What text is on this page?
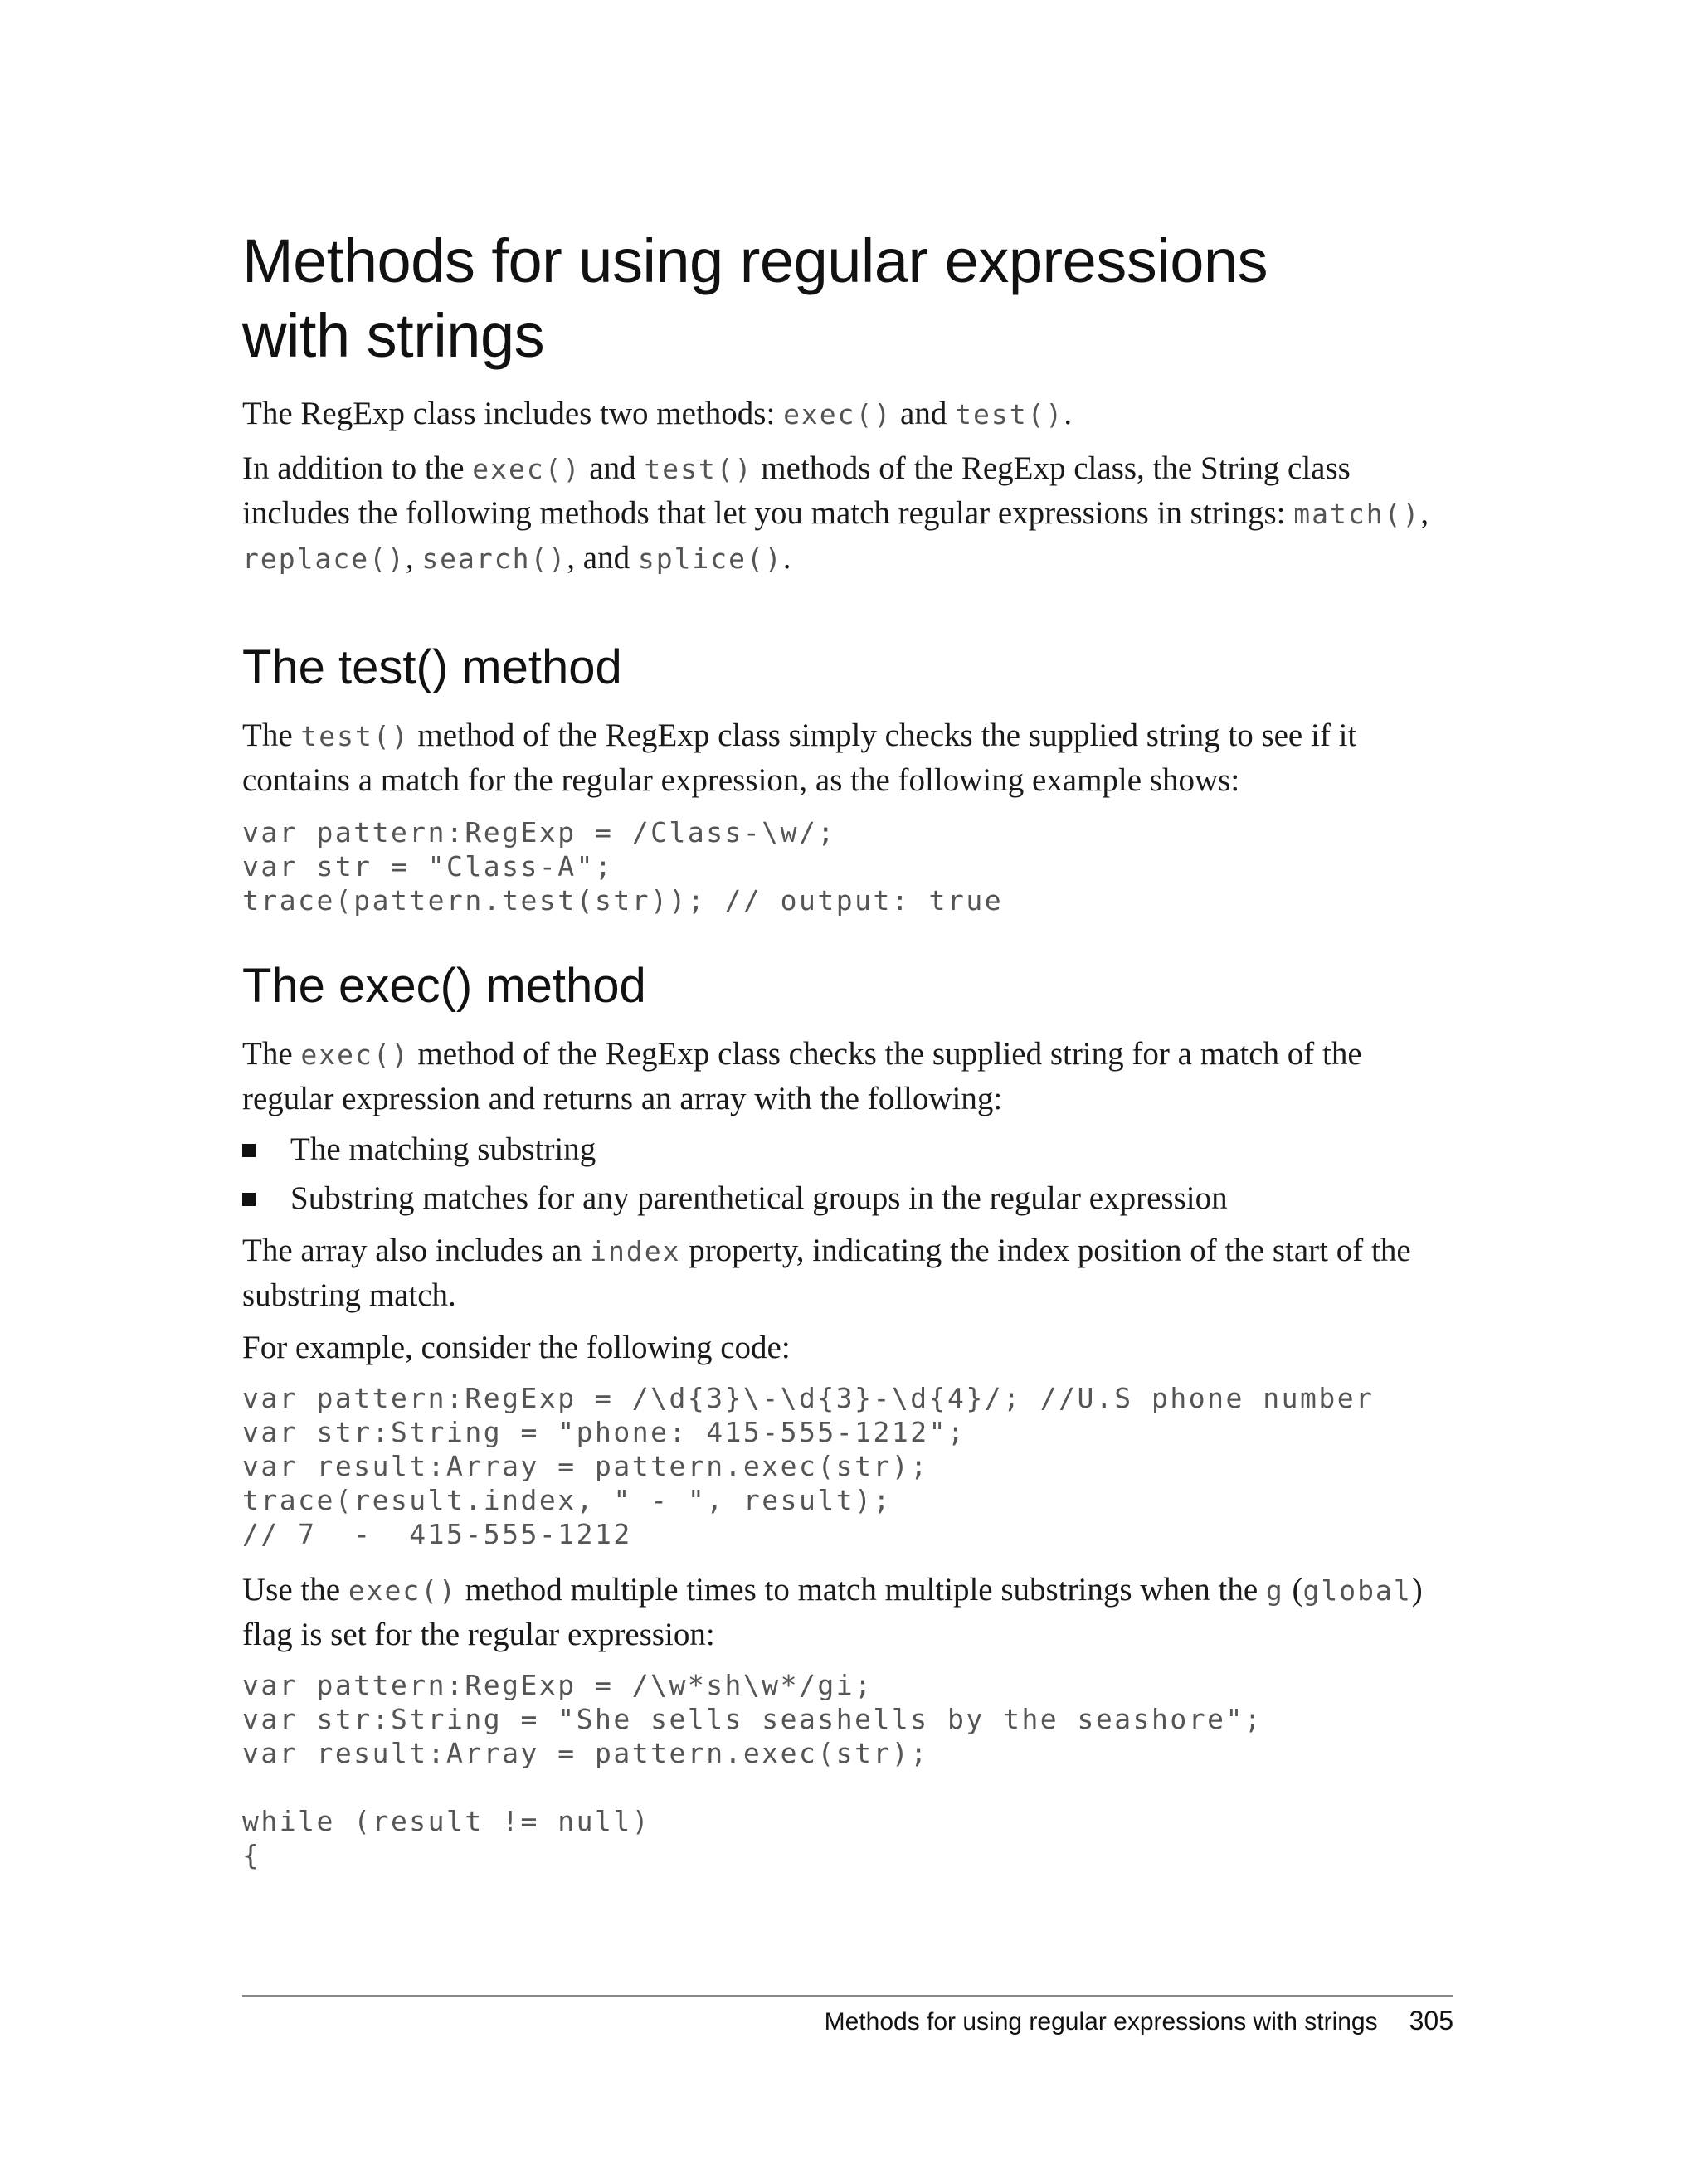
Methods for using regular expressions
with strings

The RegExp class includes two methods: exec() and test().

In addition to the exec() and test() methods of the RegExp class, the String class includes the following methods that let you match regular expressions in strings: match(), replace(), search(), and splice().

The test() method

The test() method of the RegExp class simply checks the supplied string to see if it contains a match for the regular expression, as the following example shows:

var pattern:RegExp = /Class-\w/;
var str = "Class-A";
trace(pattern.test(str)); // output: true
The exec() method

The exec() method of the RegExp class checks the supplied string for a match of the regular expression and returns an array with the following:

The matching substring
Substring matches for any parenthetical groups in the regular expression

The array also includes an index property, indicating the index position of the start of the substring match.

For example, consider the following code:

var pattern:RegExp = /\d{3}\-\d{3}-\d{4}/; //U.S phone number
var str:String = "phone: 415-555-1212";
var result:Array = pattern.exec(str);
trace(result.index, " - ", result);
// 7  -  415-555-1212

Use the exec() method multiple times to match multiple substrings when the g (global) flag is set for the regular expression:

var pattern:RegExp = /\w*sh\w*/gi;
var str:String = "She sells seashells by the seashore";
var result:Array = pattern.exec(str);
while (result != null)
{
Methods for using regular expressions with strings 305
